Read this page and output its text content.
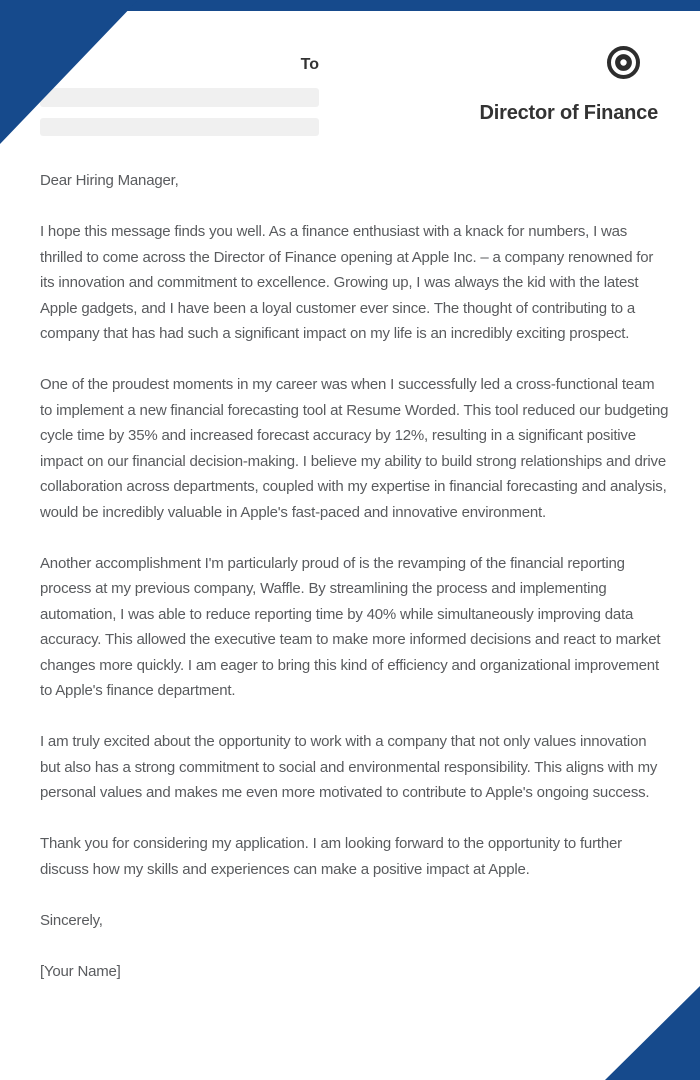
To
Director of Finance

Dear Hiring Manager,

I hope this message finds you well. As a finance enthusiast with a knack for numbers, I was thrilled to come across the Director of Finance opening at Apple Inc. – a company renowned for its innovation and commitment to excellence. Growing up, I was always the kid with the latest Apple gadgets, and I have been a loyal customer ever since. The thought of contributing to a company that has had such a significant impact on my life is an incredibly exciting prospect.

One of the proudest moments in my career was when I successfully led a cross-functional team to implement a new financial forecasting tool at Resume Worded. This tool reduced our budgeting cycle time by 35% and increased forecast accuracy by 12%, resulting in a significant positive impact on our financial decision-making. I believe my ability to build strong relationships and drive collaboration across departments, coupled with my expertise in financial forecasting and analysis, would be incredibly valuable in Apple's fast-paced and innovative environment.

Another accomplishment I'm particularly proud of is the revamping of the financial reporting process at my previous company, Waffle. By streamlining the process and implementing automation, I was able to reduce reporting time by 40% while simultaneously improving data accuracy. This allowed the executive team to make more informed decisions and react to market changes more quickly. I am eager to bring this kind of efficiency and organizational improvement to Apple's finance department.

I am truly excited about the opportunity to work with a company that not only values innovation but also has a strong commitment to social and environmental responsibility. This aligns with my personal values and makes me even more motivated to contribute to Apple's ongoing success.

Thank you for considering my application. I am looking forward to the opportunity to further discuss how my skills and experiences can make a positive impact at Apple.

Sincerely,

[Your Name]
